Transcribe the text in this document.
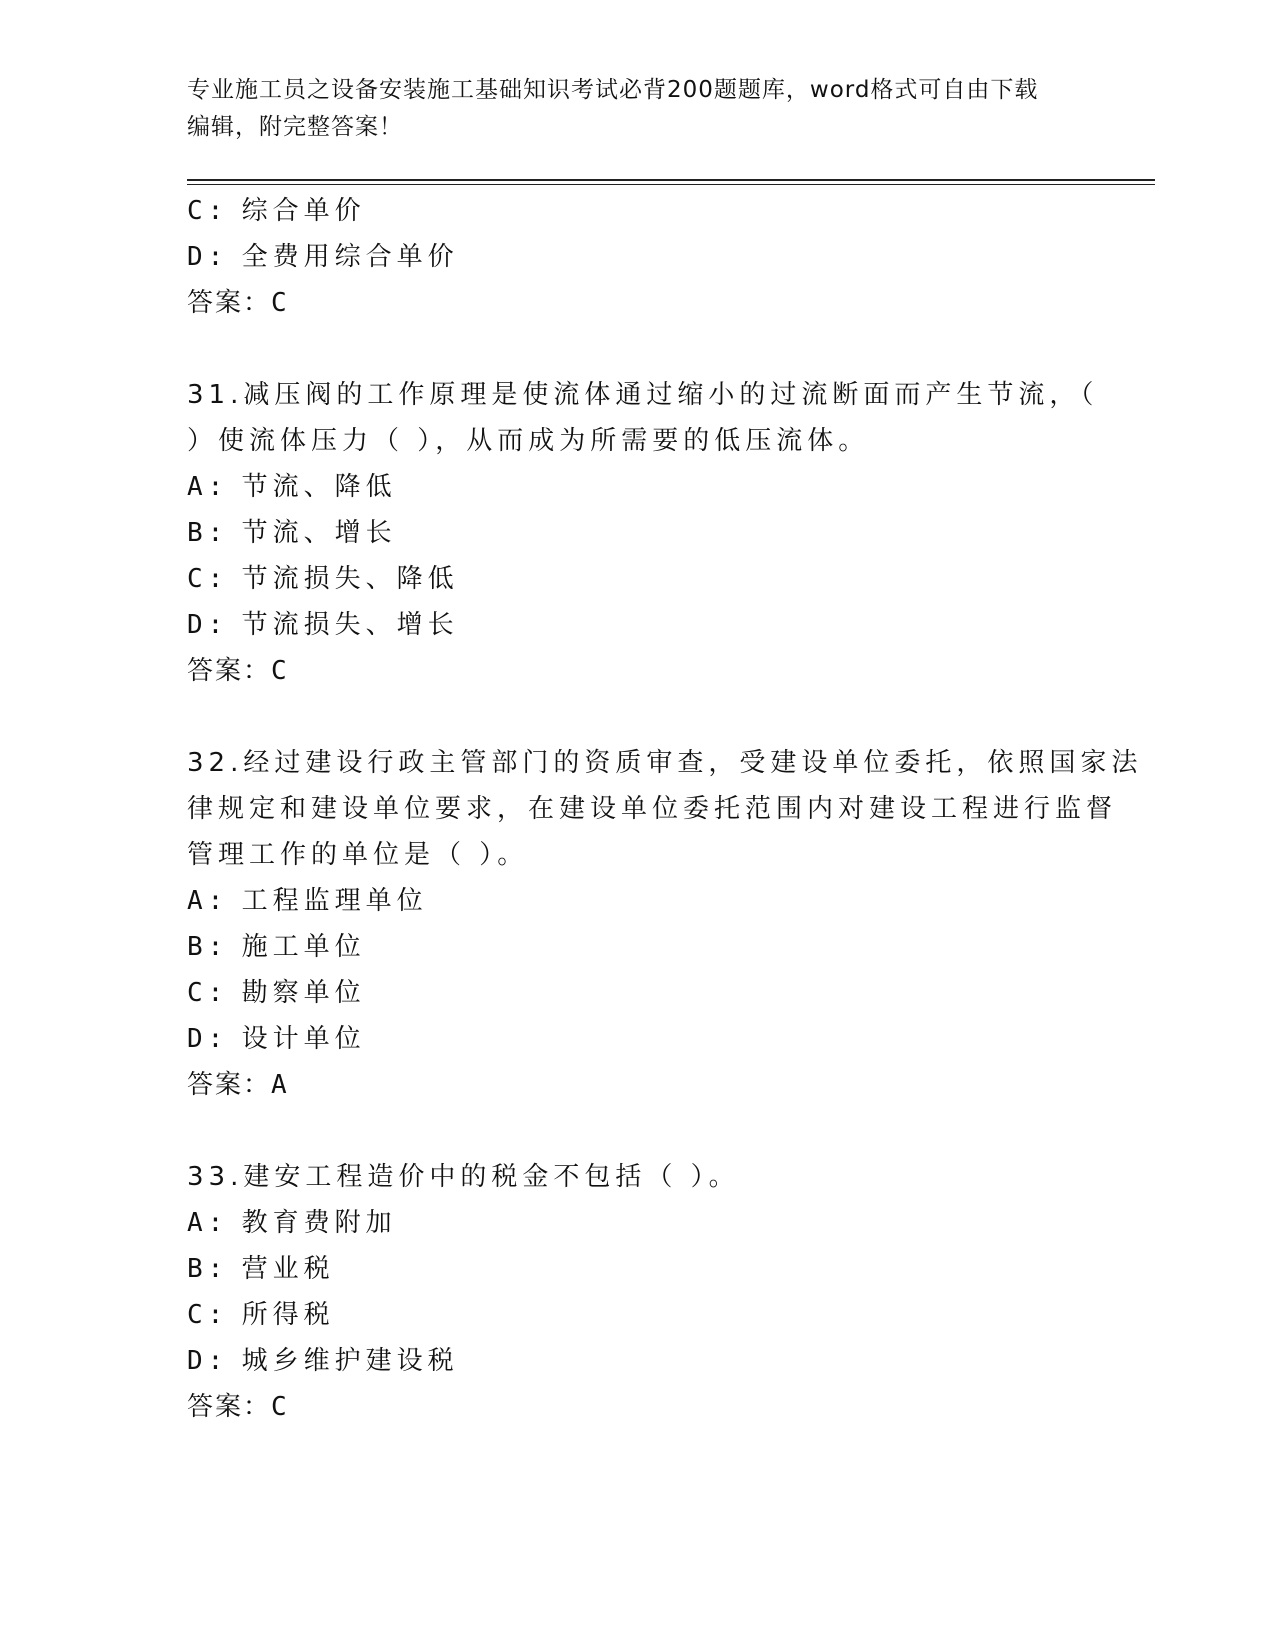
专业施工员之设备安装施工基础知识考试必背200题题库，word格式可自由下载
编辑，附完整答案！
C: 综合单价
D: 全费用综合单价
答案：C
31.减压阀的工作原理是使流体通过缩小的过流断面而产生节流，（
）使流体压力（ ），从而成为所需要的低压流体。
A: 节流、降低
B: 节流、增长
C: 节流损失、降低
D: 节流损失、增长
答案：C
32.经过建设行政主管部门的资质审查，受建设单位委托，依照国家法
律规定和建设单位要求，在建设单位委托范围内对建设工程进行监督
管理工作的单位是（ ）。
A: 工程监理单位
B: 施工单位
C: 勘察单位
D: 设计单位
答案：A
33.建安工程造价中的税金不包括（ ）。
A: 教育费附加
B: 营业税
C: 所得税
D: 城乡维护建设税
答案：C
